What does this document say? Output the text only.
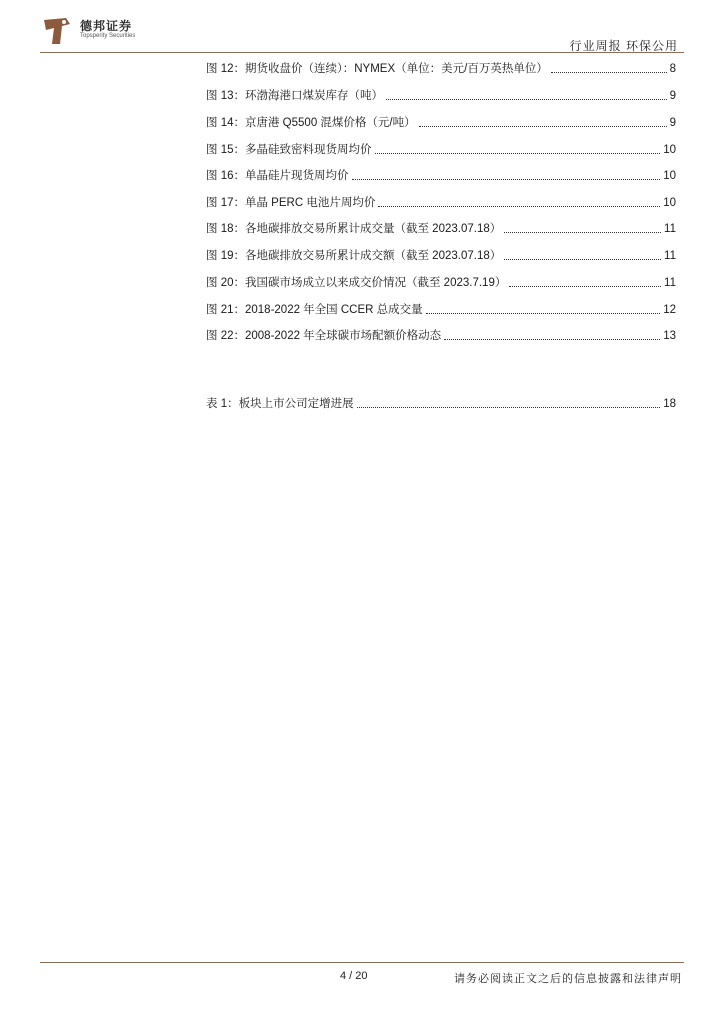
德邦证券
Topsperity Securities
行业周报 环保公用
图 12：期货收盘价（连续）：NYMEX（单位：美元/百万英热单位）	8
图 13：环渤海港口煤炭库存（吨）	9
图 14：京唐港 Q5500 混煤价格（元/吨）	9
图 15：多晶硅致密料现货周均价	10
图 16：单晶硅片现货周均价	10
图 17：单晶 PERC 电池片周均价	10
图 18：各地碳排放交易所累计成交量（截至 2023.07.18）	11
图 19：各地碳排放交易所累计成交额（截至 2023.07.18）	11
图 20：我国碳市场成立以来成交价情况（截至 2023.7.19）	11
图 21：2018-2022 年全国 CCER 总成交量	12
图 22：2008-2022 年全球碳市场配额价格动态	13
表 1：板块上市公司定增进展	18
4 / 20	请务必阅读正文之后的信息披露和法律声明
